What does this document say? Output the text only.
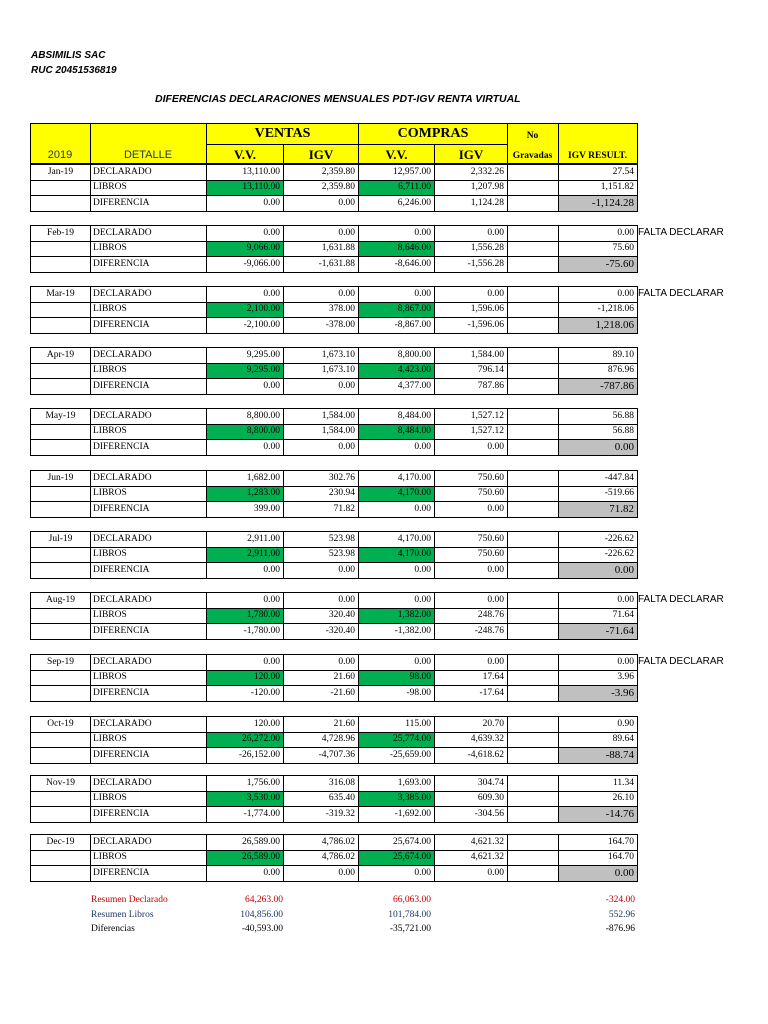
ABSIMILIS SAC
RUC 20451536819
DIFERENCIAS DECLARACIONES MENSUALES PDT-IGV RENTA VIRTUAL
VENTAS	COMPRAS
V.V.	IGV	V.V.	IGV
2019	DETALLE
No
Gravadas	IGV RESULT.
Jan-19	DECLARADO	13,110.00	2,359.80	12,957.00	2,332.26	27.54
LIBROS	13,110.00	2,359.80	6,711.00	1,207.98	1,151.82
DIFERENCIA	0.00	0.00	6,246.00	1,124.28	-1,124.28
Feb-19	DECLARADO	0.00	0.00	0.00	0.00	0.00
LIBROS	9,066.00	1,631.88	8,646.00	1,556.28	75.60
DIFERENCIA	-9,066.00	-1,631.88	-8,646.00	-1,556.28	-75.60
FALTA DECLARAR
Mar-19	DECLARADO	0.00	0.00	0.00	0.00	0.00
LIBROS	2,100.00	378.00	8,867.00	1,596.06	-1,218.06
DIFERENCIA	-2,100.00	-378.00	-8,867.00	-1,596.06	1,218.06
FALTA DECLARAR
Apr-19	DECLARADO	9,295.00	1,673.10	8,800.00	1,584.00	89.10
LIBROS	9,295.00	1,673.10	4,423.00	796.14	876.96
DIFERENCIA	0.00	0.00	4,377.00	787.86	-787.86
May-19	DECLARADO	8,800.00	1,584.00	8,484.00	1,527.12	56.88
LIBROS	8,800.00	1,584.00	8,484.00	1,527.12	56.88
DIFERENCIA	0.00	0.00	0.00	0.00	0.00
Jun-19	DECLARADO	1,682.00	302.76	4,170.00	750.60	-447.84
LIBROS	1,283.00	230.94	4,170.00	750.60	-519.66
DIFERENCIA	399.00	71.82	0.00	0.00	71.82
Jul-19	DECLARADO	2,911.00	523.98	4,170.00	750.60	-226.62
LIBROS	2,911.00	523.98	4,170.00	750.60	-226.62
DIFERENCIA	0.00	0.00	0.00	0.00	0.00
Aug-19	DECLARADO	0.00	0.00	0.00	0.00	0.00
LIBROS	1,780.00	320.40	1,382.00	248.76	71.64
DIFERENCIA	-1,780.00	-320.40	-1,382.00	-248.76	-71.64
FALTA DECLARAR
Sep-19	DECLARADO	0.00	0.00	0.00	0.00	0.00
LIBROS	120.00	21.60	98.00	17.64	3.96
DIFERENCIA	-120.00	-21.60	-98.00	-17.64	-3.96
FALTA DECLARAR
Oct-19	DECLARADO	120.00	21.60	115.00	20.70	0.90
LIBROS	26,272.00	4,728.96	25,774.00	4,639.32	89.64
DIFERENCIA	-26,152.00	-4,707.36	-25,659.00	-4,618.62	-88.74
Nov-19	DECLARADO	1,756.00	316.08	1,693.00	304.74	11.34
LIBROS	3,530.00	635.40	3,385.00	609.30	26.10
DIFERENCIA	-1,774.00	-319.32	-1,692.00	-304.56	-14.76
Dec-19	DECLARADO	26,589.00	4,786.02	25,674.00	4,621.32	164.70
LIBROS	26,589.00	4,786.02	25,674.00	4,621.32	164.70
DIFERENCIA	0.00	0.00	0.00	0.00	0.00
Resumen Declarado	64,263.00	66,063.00	-324.00
Resumen Libros	104,856.00	101,784.00	552.96
Diferencias	-40,593.00	-35,721.00	-876.96
